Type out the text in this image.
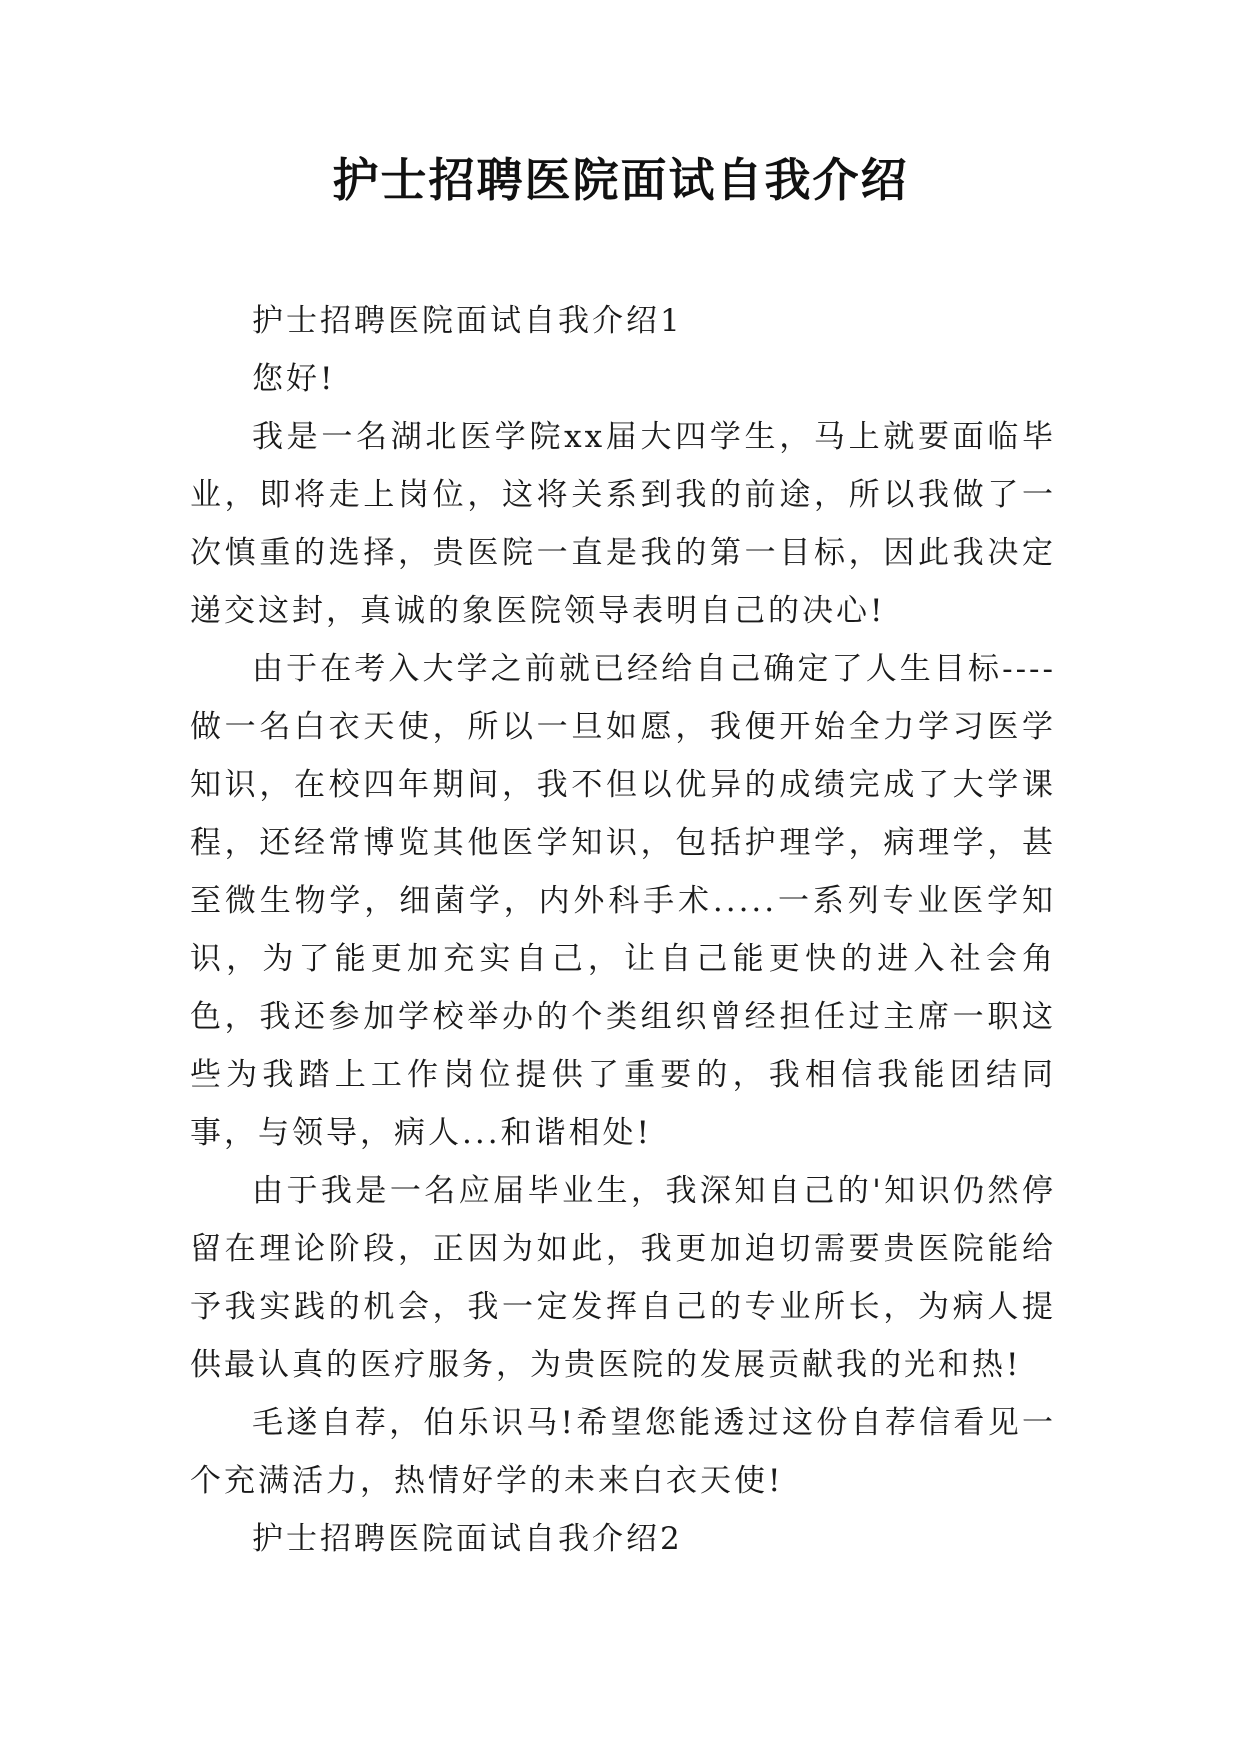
护士招聘医院面试自我介绍

护士招聘医院面试自我介绍1

您好!

我是一名湖北医学院xx届大四学生，马上就要面临毕业，即将走上岗位，这将关系到我的前途，所以我做了一次慎重的选择，贵医院一直是我的第一目标，因此我决定递交这封，真诚的象医院领导表明自己的决心!

由于在考入大学之前就已经给自己确定了人生目标----做一名白衣天使，所以一旦如愿，我便开始全力学习医学知识，在校四年期间，我不但以优异的成绩完成了大学课程，还经常博览其他医学知识，包括护理学，病理学，甚至微生物学，细菌学，内外科手术.....一系列专业医学知识，为了能更加充实自己，让自己能更快的进入社会角色，我还参加学校举办的个类组织曾经担任过主席一职这些为我踏上工作岗位提供了重要的，我相信我能团结同事，与领导，病人...和谐相处!

由于我是一名应届毕业生，我深知自己的'知识仍然停留在理论阶段，正因为如此，我更加迫切需要贵医院能给予我实践的机会，我一定发挥自己的专业所长，为病人提供最认真的医疗服务，为贵医院的发展贡献我的光和热!

毛遂自荐，伯乐识马!希望您能透过这份自荐信看见一个充满活力，热情好学的未来白衣天使!

护士招聘医院面试自我介绍2
